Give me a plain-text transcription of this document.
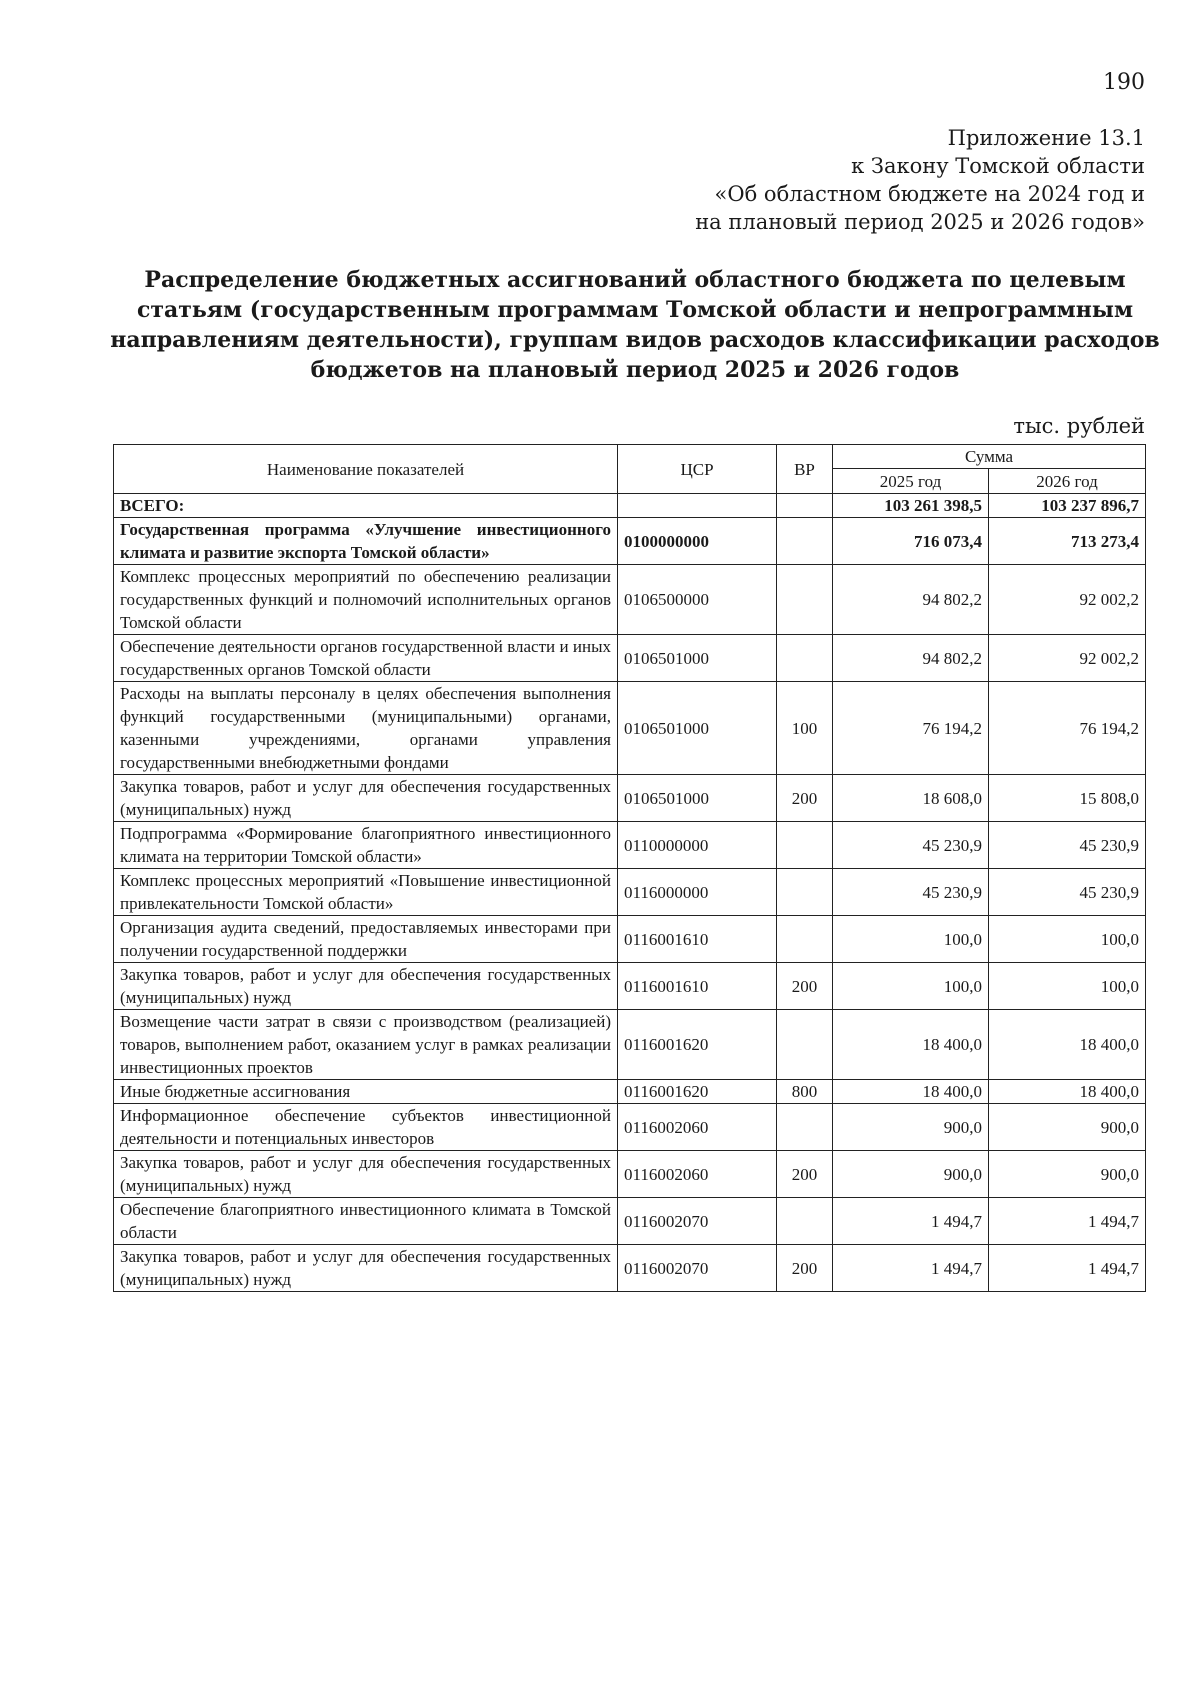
190
Приложение 13.1
к Закону Томской области
«Об областном бюджете на 2024 год и
на плановый период 2025 и 2026 годов»
Распределение бюджетных ассигнований областного бюджета по целевым статьям (государственным программам Томской области и непрограммным направлениям деятельности), группам видов расходов классификации расходов бюджетов на плановый период 2025 и 2026 годов
тыс. рублей
Наименование показателей	ЦСР	ВР	Сумма	
			2025 год	2026 год
ВСЕГО:			103 261 398,5	103 237 896,7
Государственная программа «Улучшение инвестиционного климата и развитие экспорта Томской области»	0100000000		716 073,4	713 273,4
Комплекс процессных мероприятий по обеспечению реализации государственных функций и полномочий исполнительных органов Томской области	0106500000		94 802,2	92 002,2
Обеспечение деятельности органов государственной власти и иных государственных органов Томской области	0106501000		94 802,2	92 002,2
Расходы на выплаты персоналу в целях обеспечения выполнения функций государственными (муниципальными) органами, казенными учреждениями, органами управления государственными внебюджетными фондами	0106501000	100	76 194,2	76 194,2
Закупка товаров, работ и услуг для обеспечения государственных (муниципальных) нужд	0106501000	200	18 608,0	15 808,0
Подпрограмма «Формирование благоприятного инвестиционного климата на территории Томской области»	0110000000		45 230,9	45 230,9
Комплекс процессных мероприятий «Повышение инвестиционной привлекательности Томской области»	0116000000		45 230,9	45 230,9
Организация аудита сведений, предоставляемых инвесторами при получении государственной поддержки	0116001610		100,0	100,0
Закупка товаров, работ и услуг для обеспечения государственных (муниципальных) нужд	0116001610	200	100,0	100,0
Возмещение части затрат в связи с производством (реализацией) товаров, выполнением работ, оказанием услуг в рамках реализации инвестиционных проектов	0116001620		18 400,0	18 400,0
Иные бюджетные ассигнования	0116001620	800	18 400,0	18 400,0
Информационное обеспечение субъектов инвестиционной деятельности и потенциальных инвесторов	0116002060		900,0	900,0
Закупка товаров, работ и услуг для обеспечения государственных (муниципальных) нужд	0116002060	200	900,0	900,0
Обеспечение благоприятного инвестиционного климата в Томской области	0116002070		1 494,7	1 494,7
Закупка товаров, работ и услуг для обеспечения государственных (муниципальных) нужд	0116002070	200	1 494,7	1 494,7
